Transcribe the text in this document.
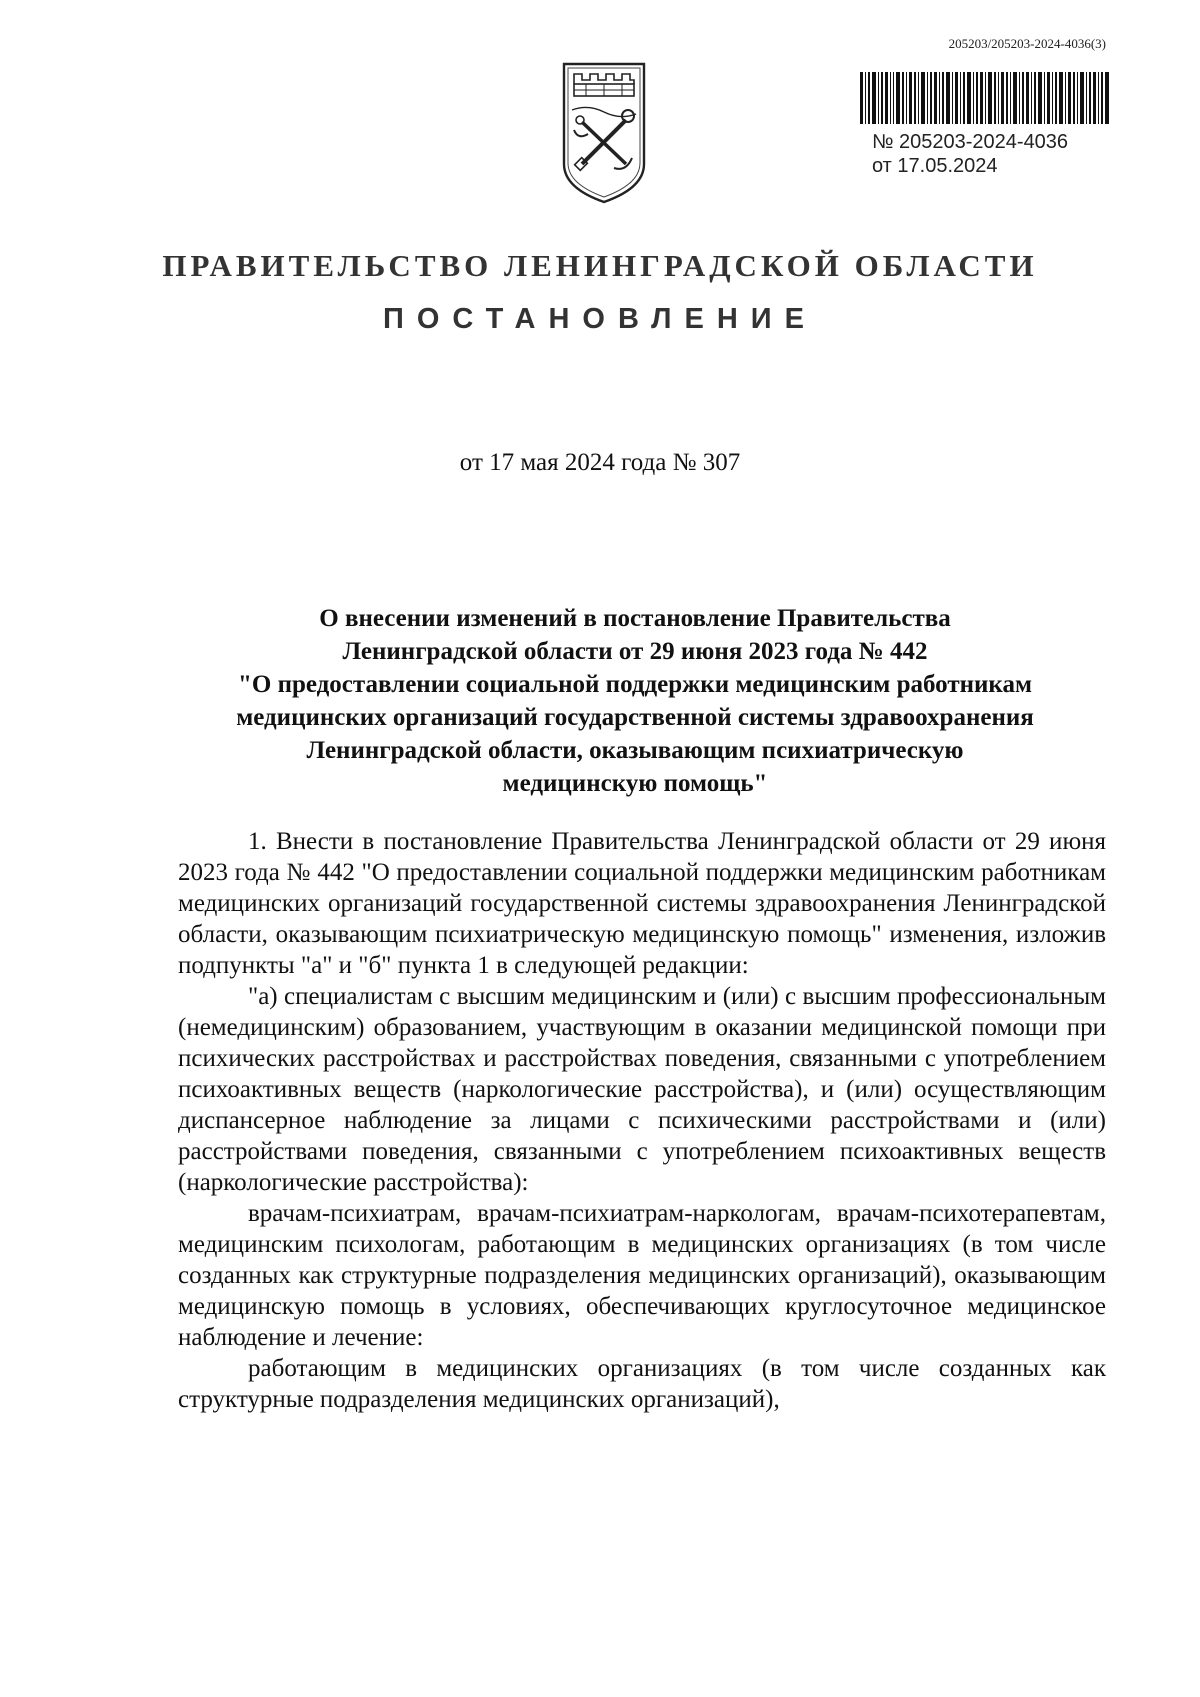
205203/205203-2024-4036(3)
№ 205203-2024-4036
от 17.05.2024
ПРАВИТЕЛЬСТВО ЛЕНИНГРАДСКОЙ ОБЛАСТИ
ПОСТАНОВЛЕНИЕ
от 17 мая 2024 года № 307
О внесении изменений в постановление Правительства
Ленинградской области от 29 июня 2023 года № 442
"О предоставлении социальной поддержки медицинским работникам
медицинских организаций государственной системы здравоохранения
Ленинградской области, оказывающим психиатрическую
медицинскую помощь"

1. Внести в постановление Правительства Ленинградской области от 29 июня 2023 года № 442 "О предоставлении социальной поддержки медицинским работникам медицинских организаций государственной системы здравоохранения Ленинградской области, оказывающим психиатрическую медицинскую помощь" изменения, изложив подпункты "а" и "б" пункта 1 в следующей редакции:

"а) специалистам с высшим медицинским и (или) с высшим профессиональным (немедицинским) образованием, участвующим в оказании медицинской помощи при психических расстройствах и расстройствах поведения, связанными с употреблением психоактивных веществ (наркологические расстройства), и (или) осуществляющим диспансерное наблюдение за лицами с психическими расстройствами и (или) расстройствами поведения, связанными с употреблением психоактивных веществ (наркологические расстройства):

врачам-психиатрам, врачам-психиатрам-наркологам, врачам-психотерапевтам, медицинским психологам, работающим в медицинских организациях (в том числе созданных как структурные подразделения медицинских организаций), оказывающим медицинскую помощь в условиях, обеспечивающих круглосуточное медицинское наблюдение и лечение:

работающим в медицинских организациях (в том числе созданных как структурные подразделения медицинских организаций),
